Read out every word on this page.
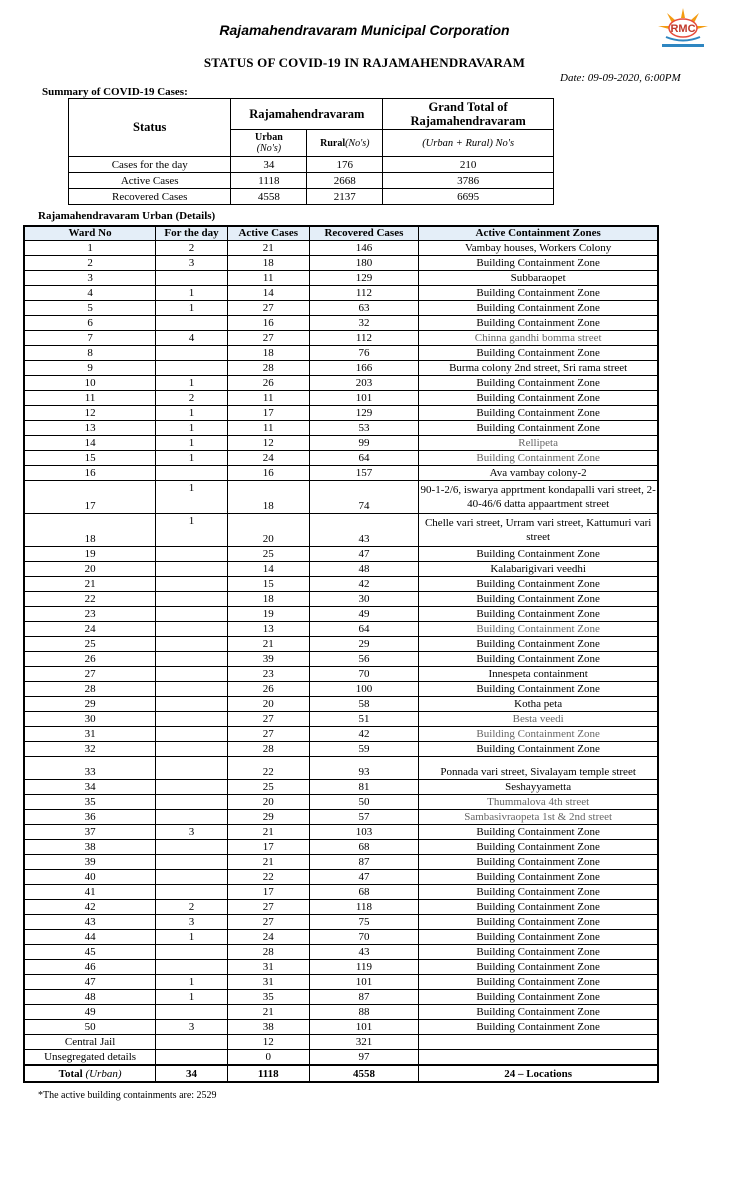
Rajamahendravaram Municipal Corporation	RMC
STATUS OF COVID-19 IN RAJAMAHENDRAVARAM
Date: 09-09-2020, 6:00PM
Summary of COVID-19 Cases:
Status	Rajamahendravaram		Grand Total of Rajamahendravaram
	Urban
(No's)	Rural(No's)	(Urban + Rural) No's
Cases for the day	34	176	210
Active Cases	1118	2668	3786
Recovered Cases	4558	2137	6695
Rajamahendravaram Urban (Details)
Ward No	For the day	Active Cases	Recovered Cases	Active Containment Zones
1	2	21	146	Vambay houses, Workers Colony
2	3	18	180	Building Containment Zone
3		11	129	Subbaraopet
4	1	14	112	Building Containment Zone
5	1	27	63	Building Containment Zone
6		16	32	Building Containment Zone
7	4	27	112	Chinna gandhi bomma street
8		18	76	Building Containment Zone
9		28	166	Burma colony 2nd street, Sri rama street
10	1	26	203	Building Containment Zone
11	2	11	101	Building Containment Zone
12	1	17	129	Building Containment Zone
13	1	11	53	Building Containment Zone
14	1	12	99	Rellipeta
15	1	24	64	Building Containment Zone
16		16	157	Ava vambay colony-2
17	1	18	74	90-1-2/6, iswarya apprtment kondapalli vari street, 2-40-46/6 datta appaartment street
18	1	20	43	Chelle vari street, Urram vari street, Kattumuri vari street
19		25	47	Building Containment Zone
20		14	48	Kalabarigivari veedhi
21		15	42	Building Containment Zone
22		18	30	Building Containment Zone
23		19	49	Building Containment Zone
24		13	64	Building Containment Zone
25		21	29	Building Containment Zone
26		39	56	Building Containment Zone
27		23	70	Innespeta containment
28		26	100	Building Containment Zone
29		20	58	Kotha peta
30		27	51	Besta veedi
31		27	42	Building Containment Zone
32		28	59	Building Containment Zone
33		22	93	Ponnada vari street, Sivalayam temple street
34		25	81	Seshayyametta
35		20	50	Thummalova 4th street
36		29	57	Sambasivraopeta 1st & 2nd street
37	3	21	103	Building Containment Zone
38		17	68	Building Containment Zone
39		21	87	Building Containment Zone
40		22	47	Building Containment Zone
41		17	68	Building Containment Zone
42	2	27	118	Building Containment Zone
43	3	27	75	Building Containment Zone
44	1	24	70	Building Containment Zone
45		28	43	Building Containment Zone
46		31	119	Building Containment Zone
47	1	31	101	Building Containment Zone
48	1	35	87	Building Containment Zone
49		21	88	Building Containment Zone
50	3	38	101	Building Containment Zone
Central Jail		12	321	
Unsegregated details		0	97	
Total (Urban)	34	1118	4558	24 – Locations
*The active building containments are: 2529
